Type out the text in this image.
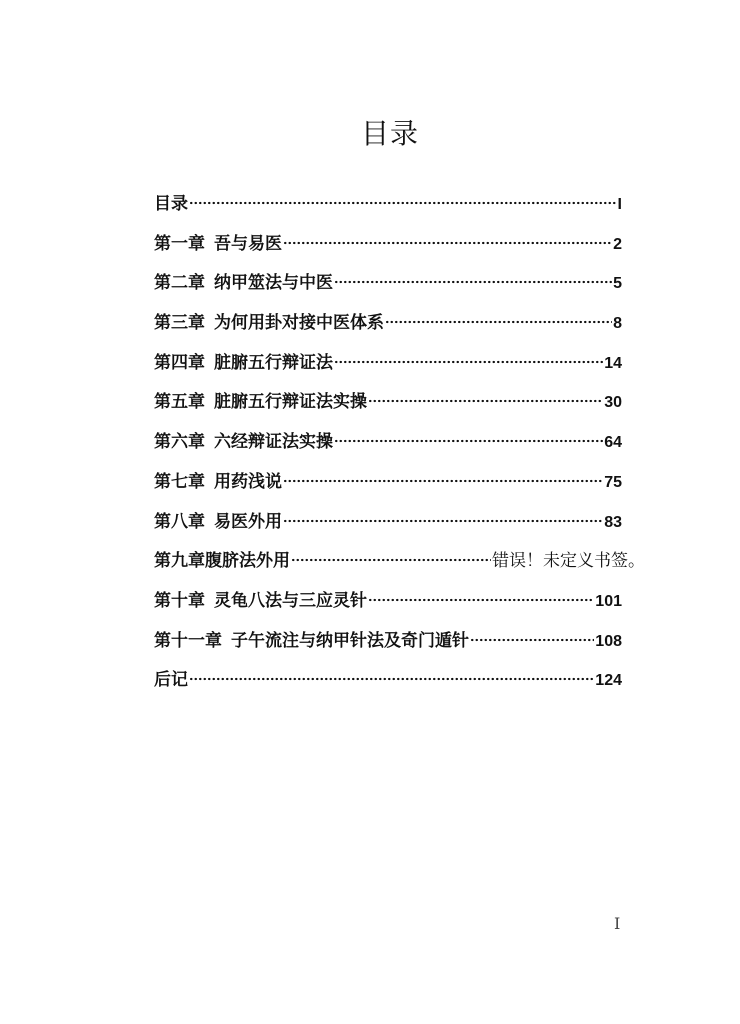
目录
目录	I
第一章 吾与易医	2
第二章 纳甲筮法与中医	5
第三章 为何用卦对接中医体系	8
第四章 脏腑五行辩证法	14
第五章 脏腑五行辩证法实操	30
第六章 六经辩证法实操	64
第七章 用药浅说	75
第八章 易医外用	83
第九章 腹脐法外用	错误！未定义书签。
第十章 灵龟八法与三应灵针	101
第十一章 子午流注与纳甲针法及奇门遁针	108
后记	124
I
